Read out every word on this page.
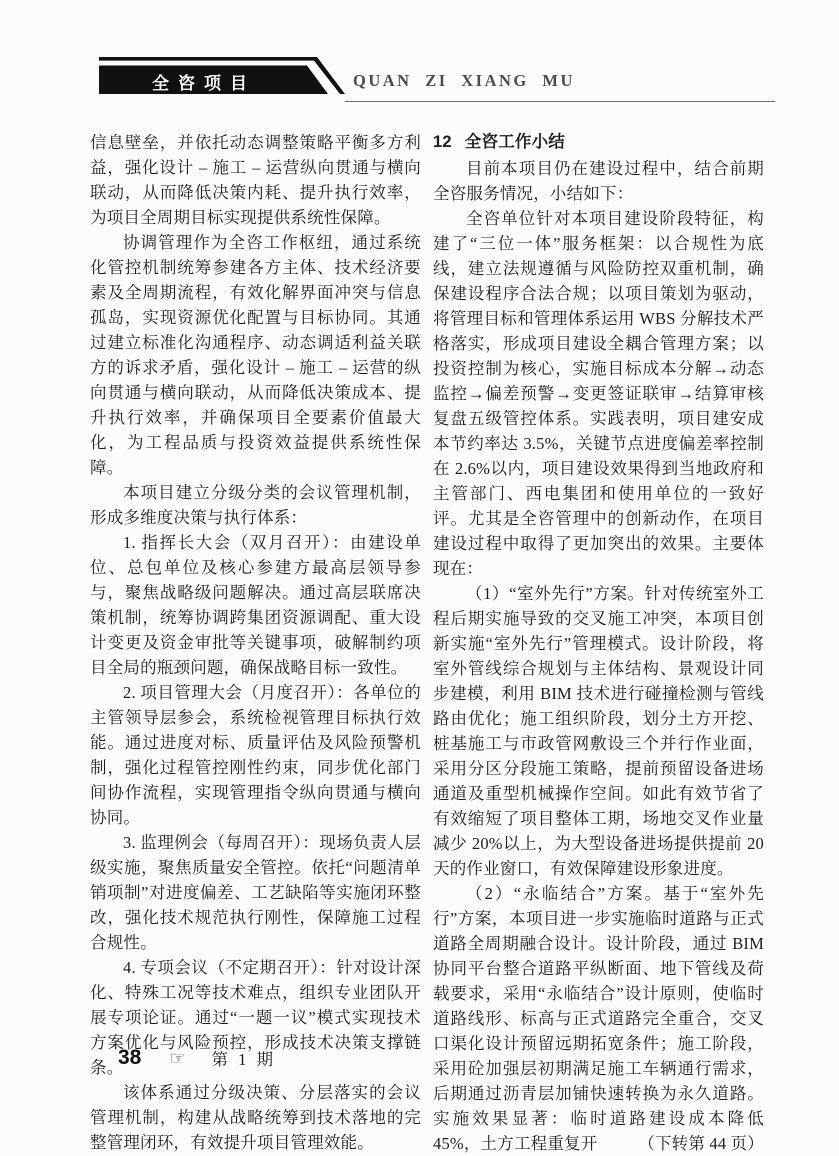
全咨项目	QUAN ZI XIANG MU

信息壁垒，并依托动态调整策略平衡多方利益，强化设计 – 施工 – 运营纵向贯通与横向联动，从而降低决策内耗、提升执行效率，为项目全周期目标实现提供系统性保障。

协调管理作为全咨工作枢纽，通过系统化管控机制统筹参建各方主体、技术经济要素及全周期流程，有效化解界面冲突与信息孤岛，实现资源优化配置与目标协同。其通过建立标准化沟通程序、动态调适利益关联方的诉求矛盾，强化设计 – 施工 – 运营的纵向贯通与横向联动，从而降低决策成本、提升执行效率，并确保项目全要素价值最大化，为工程品质与投资效益提供系统性保障。

本项目建立分级分类的会议管理机制，形成多维度决策与执行体系：

1. 指挥长大会（双月召开）：由建设单位、总包单位及核心参建方最高层领导参与，聚焦战略级问题解决。通过高层联席决策机制，统筹协调跨集团资源调配、重大设计变更及资金审批等关键事项，破解制约项目全局的瓶颈问题，确保战略目标一致性。

2. 项目管理大会（月度召开）：各单位的主管领导层参会，系统检视管理目标执行效能。通过进度对标、质量评估及风险预警机制，强化过程管控刚性约束，同步优化部门间协作流程，实现管理指令纵向贯通与横向协同。

3. 监理例会（每周召开）：现场负责人层级实施，聚焦质量安全管控。依托“问题清单销项制”对进度偏差、工艺缺陷等实施闭环整改，强化技术规范执行刚性，保障施工过程合规性。

4. 专项会议（不定期召开）：针对设计深化、特殊工况等技术难点，组织专业团队开展专项论证。通过“一题一议”模式实现技术方案优化与风险预控，形成技术决策支撑链条。

该体系通过分级决策、分层落实的会议管理机制，构建从战略统筹到技术落地的完整管理闭环，有效提升项目管理效能。

12 全咨工作小结

目前本项目仍在建设过程中，结合前期全咨服务情况，小结如下：

全咨单位针对本项目建设阶段特征，构建了“三位一体”服务框架：以合规性为底线，建立法规遵循与风险防控双重机制，确保建设程序合法合规；以项目策划为驱动，将管理目标和管理体系运用 WBS 分解技术严格落实，形成项目建设全耦合管理方案；以投资控制为核心，实施目标成本分解→动态监控→偏差预警→变更签证联审→结算审核复盘五级管控体系。实践表明，项目建安成本节约率达 3.5%，关键节点进度偏差率控制在 2.6%以内，项目建设效果得到当地政府和主管部门、西电集团和使用单位的一致好评。尤其是全咨管理中的创新动作，在项目建设过程中取得了更加突出的效果。主要体现在：

（1）“室外先行”方案。针对传统室外工程后期实施导致的交叉施工冲突，本项目创新实施“室外先行”管理模式。设计阶段，将室外管线综合规划与主体结构、景观设计同步建模，利用 BIM 技术进行碰撞检测与管线路由优化；施工组织阶段，划分土方开挖、桩基施工与市政管网敷设三个并行作业面，采用分区分段施工策略，提前预留设备进场通道及重型机械操作空间。如此有效节省了有效缩短了项目整体工期，场地交叉作业量减少 20%以上，为大型设备进场提供提前 20 天的作业窗口，有效保障建设形象进度。

（2）“永临结合”方案。基于“室外先行”方案，本项目进一步实施临时道路与正式道路全周期融合设计。设计阶段，通过 BIM 协同平台整合道路平纵断面、地下管线及荷载要求，采用“永临结合”设计原则，使临时道路线形、标高与正式道路完全重合，交叉口渠化设计预留远期拓宽条件；施工阶段，采用砼加强层初期满足施工车辆通行需求，后期通过沥青层加铺快速转换为永久道路。实施效果显著：临时道路建设成本降低 45%，土方工程重复开 （下转第 44 页）

38 ☞ 第 1 期
